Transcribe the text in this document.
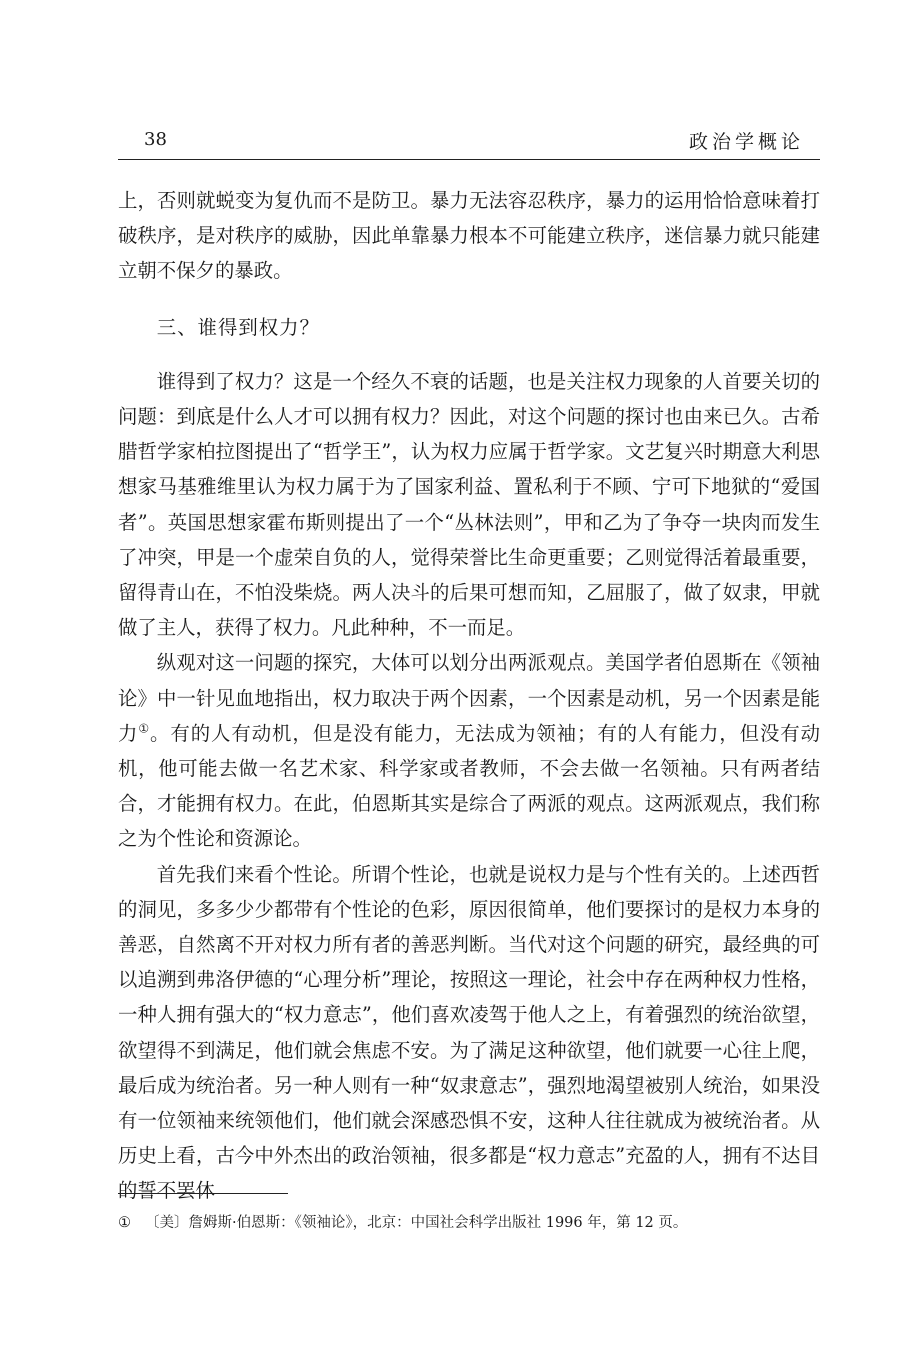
38	政治学概论

上，否则就蜕变为复仇而不是防卫。暴力无法容忍秩序，暴力的运用恰恰意味着打破秩序，是对秩序的威胁，因此单靠暴力根本不可能建立秩序，迷信暴力就只能建立朝不保夕的暴政。

三、谁得到权力？

谁得到了权力？这是一个经久不衰的话题，也是关注权力现象的人首要关切的问题：到底是什么人才可以拥有权力？因此，对这个问题的探讨也由来已久。古希腊哲学家柏拉图提出了“哲学王”，认为权力应属于哲学家。文艺复兴时期意大利思想家马基雅维里认为权力属于为了国家利益、置私利于不顾、宁可下地狱的“爱国者”。英国思想家霍布斯则提出了一个“丛林法则”，甲和乙为了争夺一块肉而发生了冲突，甲是一个虚荣自负的人，觉得荣誉比生命更重要；乙则觉得活着最重要，留得青山在，不怕没柴烧。两人决斗的后果可想而知，乙屈服了，做了奴隶，甲就做了主人，获得了权力。凡此种种，不一而足。

纵观对这一问题的探究，大体可以划分出两派观点。美国学者伯恩斯在《领袖论》中一针见血地指出，权力取决于两个因素，一个因素是动机，另一个因素是能力①。有的人有动机，但是没有能力，无法成为领袖；有的人有能力，但没有动机，他可能去做一名艺术家、科学家或者教师，不会去做一名领袖。只有两者结合，才能拥有权力。在此，伯恩斯其实是综合了两派的观点。这两派观点，我们称之为个性论和资源论。

首先我们来看个性论。所谓个性论，也就是说权力是与个性有关的。上述西哲的洞见，多多少少都带有个性论的色彩，原因很简单，他们要探讨的是权力本身的善恶，自然离不开对权力所有者的善恶判断。当代对这个问题的研究，最经典的可以追溯到弗洛伊德的“心理分析”理论，按照这一理论，社会中存在两种权力性格，一种人拥有强大的“权力意志”，他们喜欢凌驾于他人之上，有着强烈的统治欲望，欲望得不到满足，他们就会焦虑不安。为了满足这种欲望，他们就要一心往上爬，最后成为统治者。另一种人则有一种“奴隶意志”，强烈地渴望被别人统治，如果没有一位领袖来统领他们，他们就会深感恐惧不安，这种人往往就成为被统治者。从历史上看，古今中外杰出的政治领袖，很多都是“权力意志”充盈的人，拥有不达目的誓不罢休

① 〔美〕詹姆斯·伯恩斯：《领袖论》，北京：中国社会科学出版社 1996 年，第 12 页。
